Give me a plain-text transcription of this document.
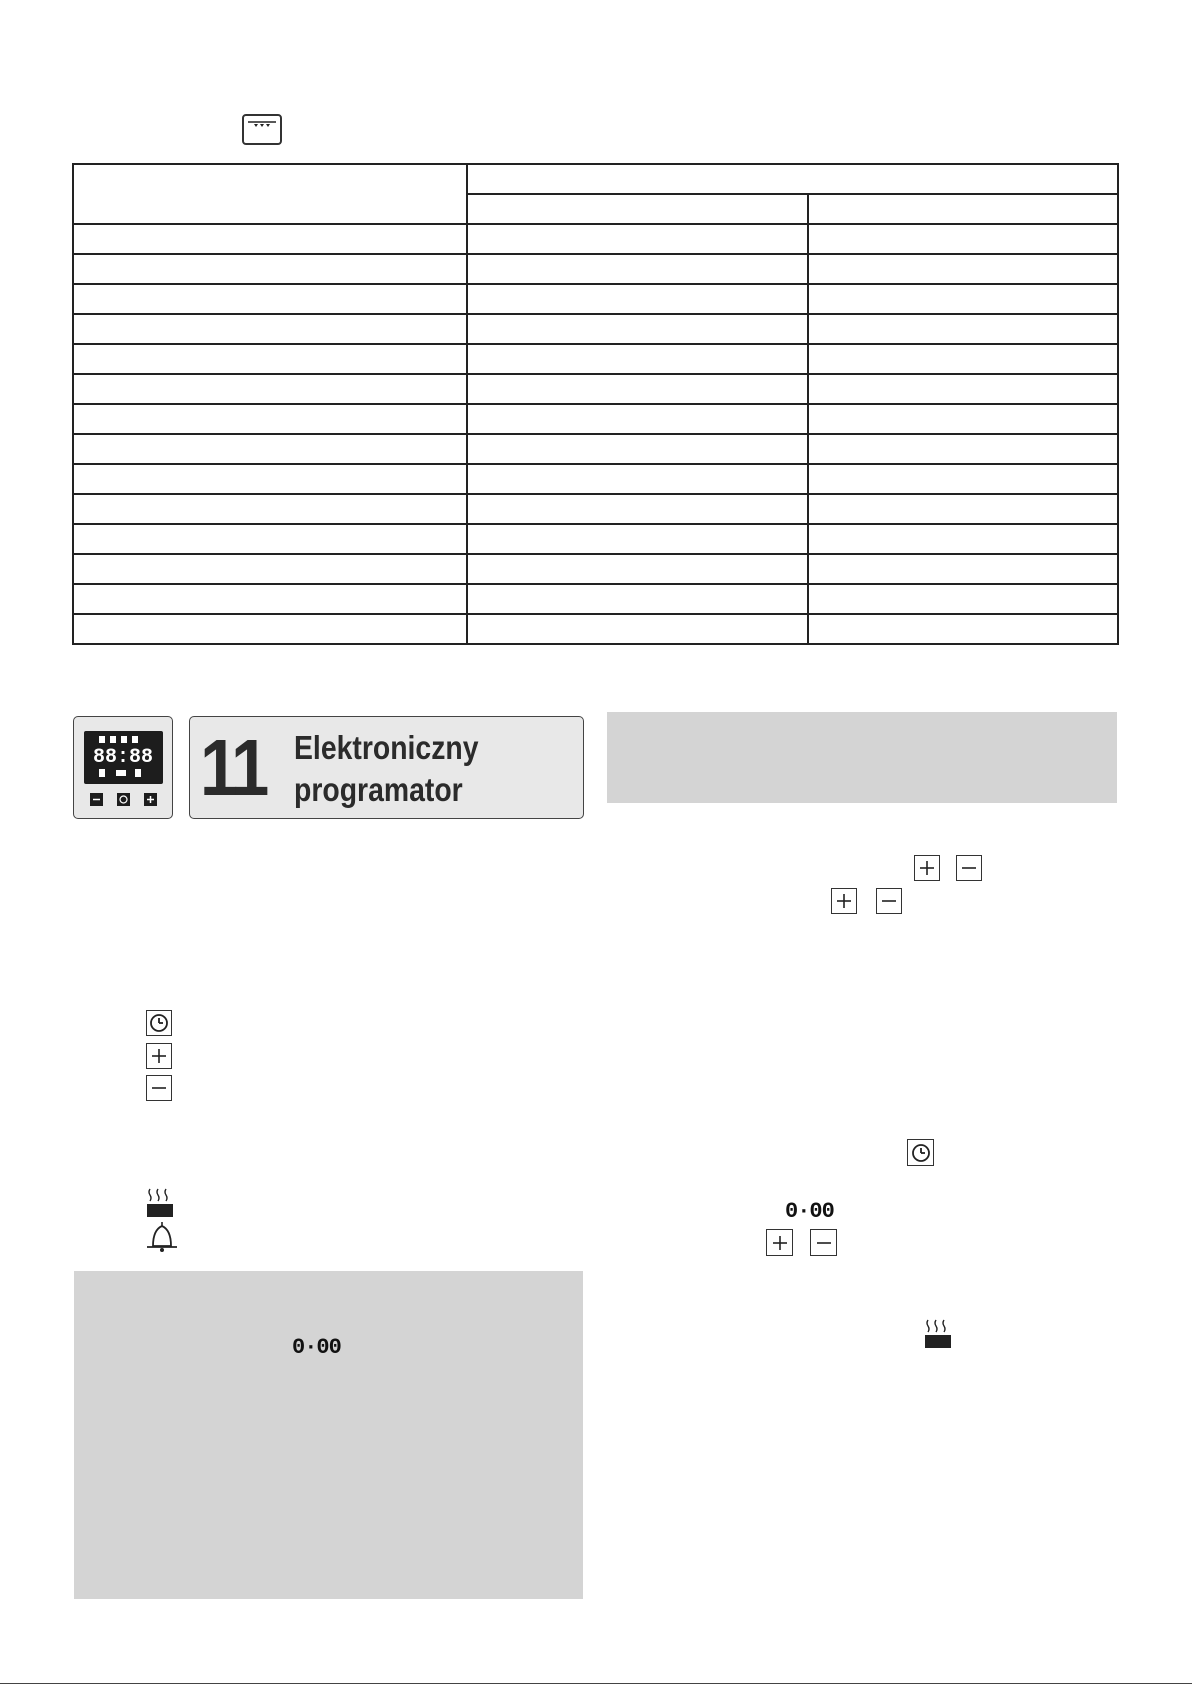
88:88 11 Elektroniczny
programator
0·00
0·00
